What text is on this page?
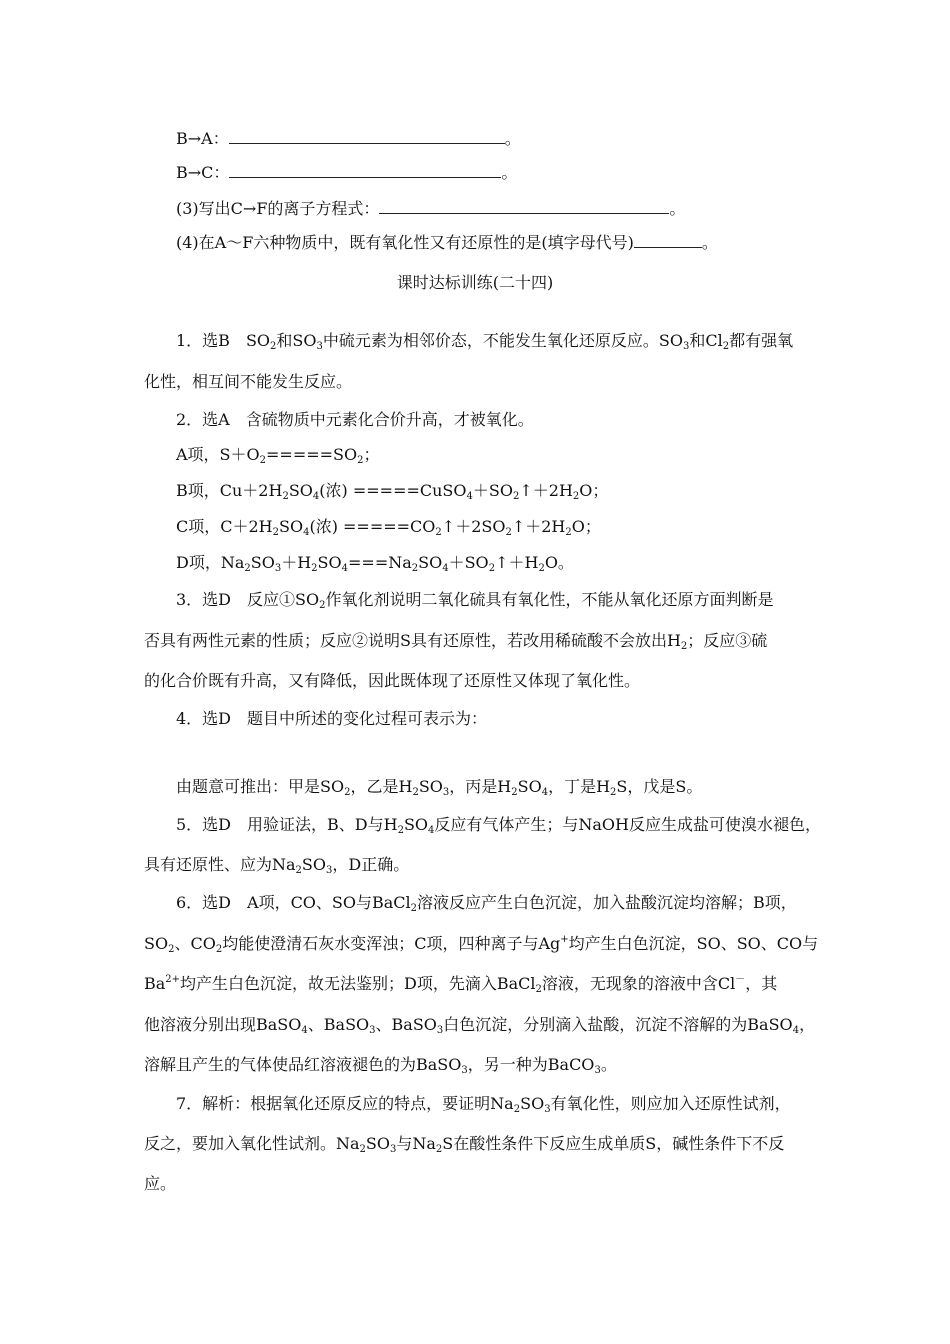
B→A：	。
B→C：	。
(3)写出C→F的离子方程式：	。
(4)在A～F六种物质中，既有氧化性又有还原性的是(填字母代号)	。
课时达标训练(二十四)
1．选B　$SO_2$和$SO_3$中硫元素为相邻价态，不能发生氧化还原反应。$SO_3$和$Cl_2$都有强氧
化性，相互间不能发生反应。
2．选A　含硫物质中元素化合价升高，才被氧化。
A项，$S+O_2=====SO_2$；
B项，$Cu+2H_2SO_4$(浓) $=====CuSO_4+SO_2↑+2H_2O$；
C项，$C+2H_2SO_4$(浓) $=====CO_2↑+2SO_2↑+2H_2O$；
D项，$Na_2SO_3+H_2SO_4===Na_2SO_4+SO_2↑+H_2O$。
3．选D　反应$①SO_2$作氧化剂说明二氧化硫具有氧化性，不能从氧化还原方面判断是
否具有两性元素的性质；反应②说明S具有还原性，若改用稀硫酸不会放出$H_2$；反应③硫
的化合价既有升高，又有降低，因此既体现了还原性又体现了氧化性。
4．选D　题目中所述的变化过程可表示为：
由题意可推出：甲是$SO_2$，乙是$H_2SO_3$，丙是$H_2SO_4$，丁是$H_2S$，戊是S。
5．选D　用验证法，B、D与$H_2SO_4$反应有气体产生；与NaOH反应生成盐可使溴水褪色，
具有还原性、应为$Na_2SO_3$，D正确。
6．选D　A项，CO、SO与BaCl$_2$溶液反应产生白色沉淀，加入盐酸沉淀均溶解；B项，
$SO_2$、$CO_2$均能使澄清石灰水变浑浊；C项，四种离子与Ag+均产生白色沉淀，SO、SO、CO与
$Ba^{2+}$均产生白色沉淀，故无法鉴别；D项，先滴入BaCl$_2$溶液，无现象的溶液中含Cl－，其
他溶液分别出现BaSO$_4$、BaSO$_3$、BaSO$_3$白色沉淀，分别滴入盐酸，沉淀不溶解的为BaSO$_4$，
溶解且产生的气体使品红溶液褪色的为BaSO$_3$，另一种为BaCO$_3$。
7．解析：根据氧化还原反应的特点，要证明$Na_2SO_3$有氧化性，则应加入还原性试剂，
反之，要加入氧化性试剂。$Na_2SO_3$与$Na_2S$在酸性条件下反应生成单质S，碱性条件下不反
应。
